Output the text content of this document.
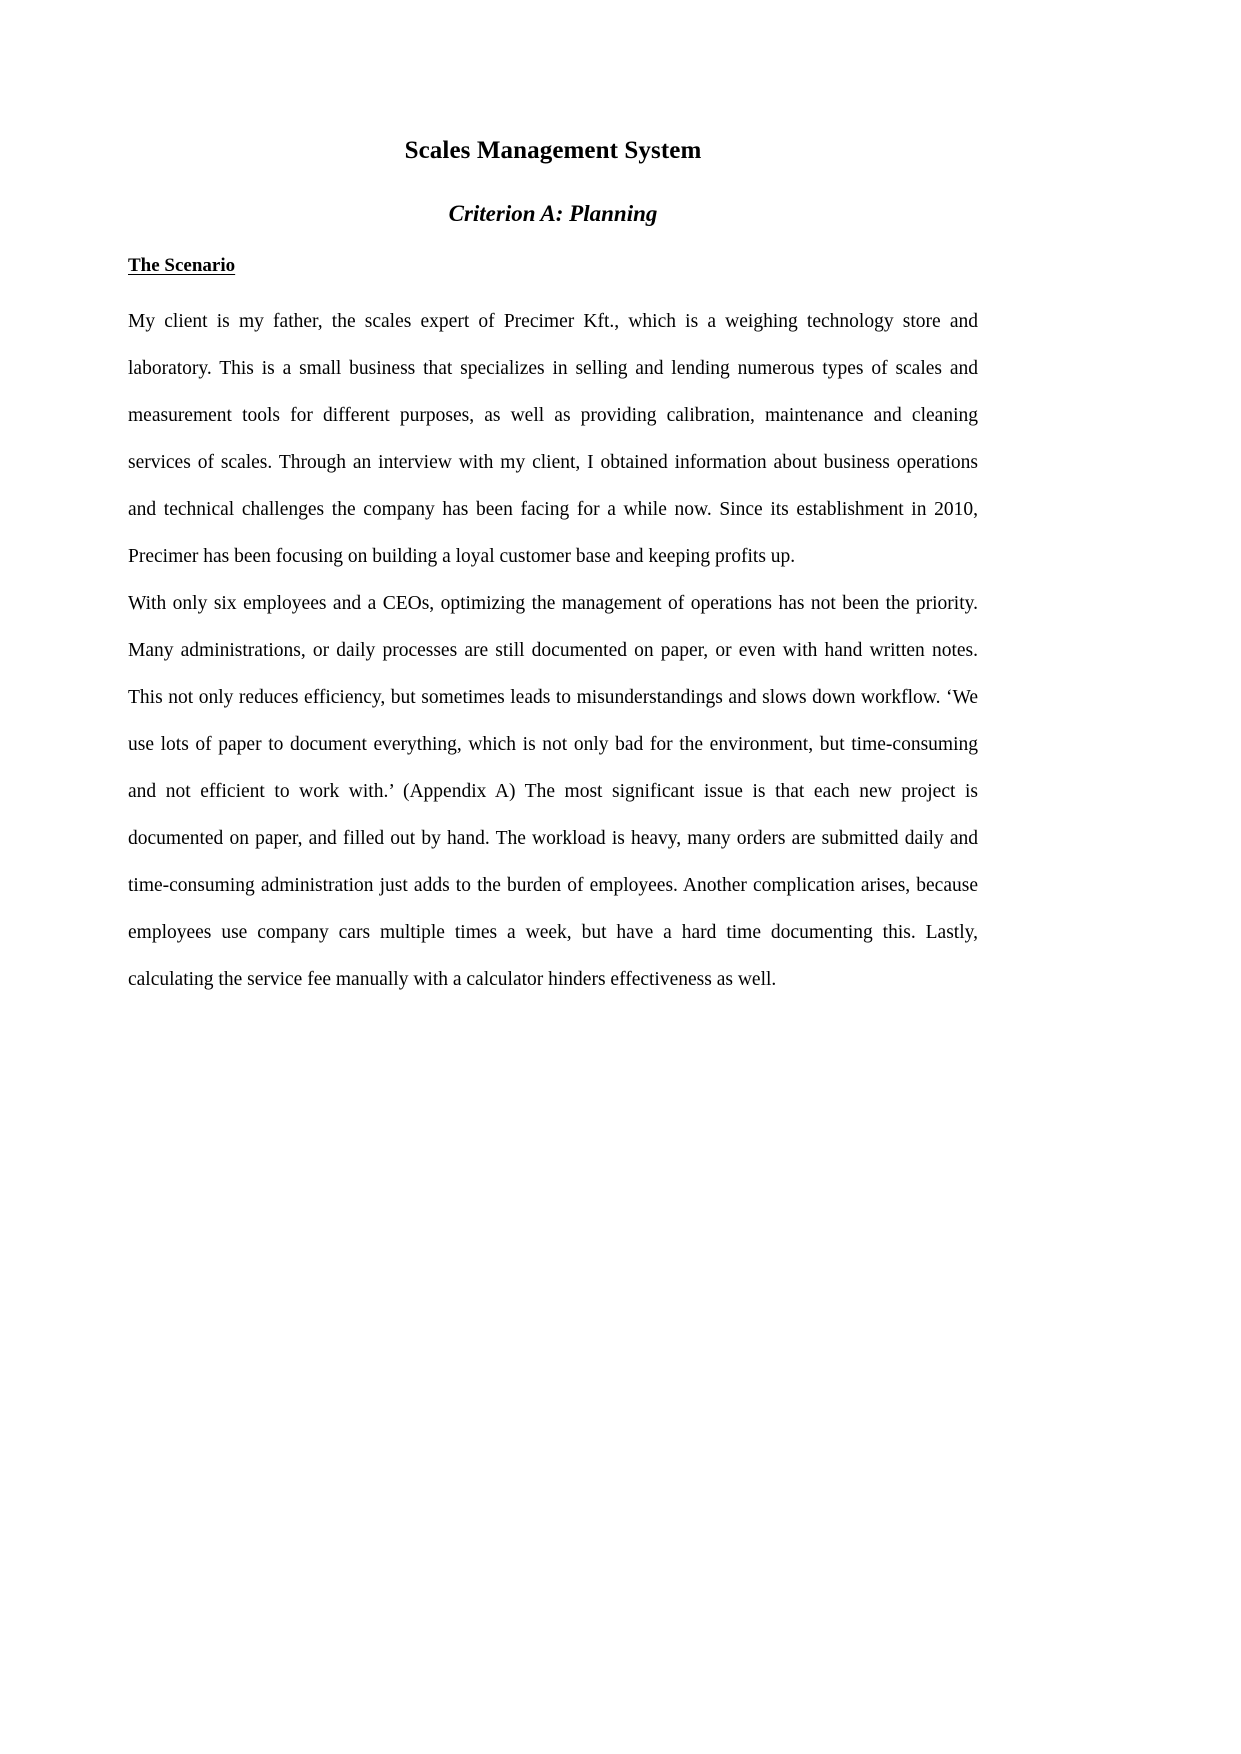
Scales Management System
Criterion A: Planning
The Scenario

My client is my father, the scales expert of Precimer Kft., which is a weighing technology store and laboratory. This is a small business that specializes in selling and lending numerous types of scales and measurement tools for different purposes, as well as providing calibration, maintenance and cleaning services of scales. Through an interview with my client, I obtained information about business operations and technical challenges the company has been facing for a while now. Since its establishment in 2010, Precimer has been focusing on building a loyal customer base and keeping profits up.

With only six employees and a CEOs, optimizing the management of operations has not been the priority. Many administrations, or daily processes are still documented on paper, or even with hand written notes. This not only reduces efficiency, but sometimes leads to misunderstandings and slows down workflow. ‘We use lots of paper to document everything, which is not only bad for the environment, but time-consuming and not efficient to work with.’ (Appendix A) The most significant issue is that each new project is documented on paper, and filled out by hand. The workload is heavy, many orders are submitted daily and time-consuming administration just adds to the burden of employees. Another complication arises, because employees use company cars multiple times a week, but have a hard time documenting this. Lastly, calculating the service fee manually with a calculator hinders effectiveness as well.
